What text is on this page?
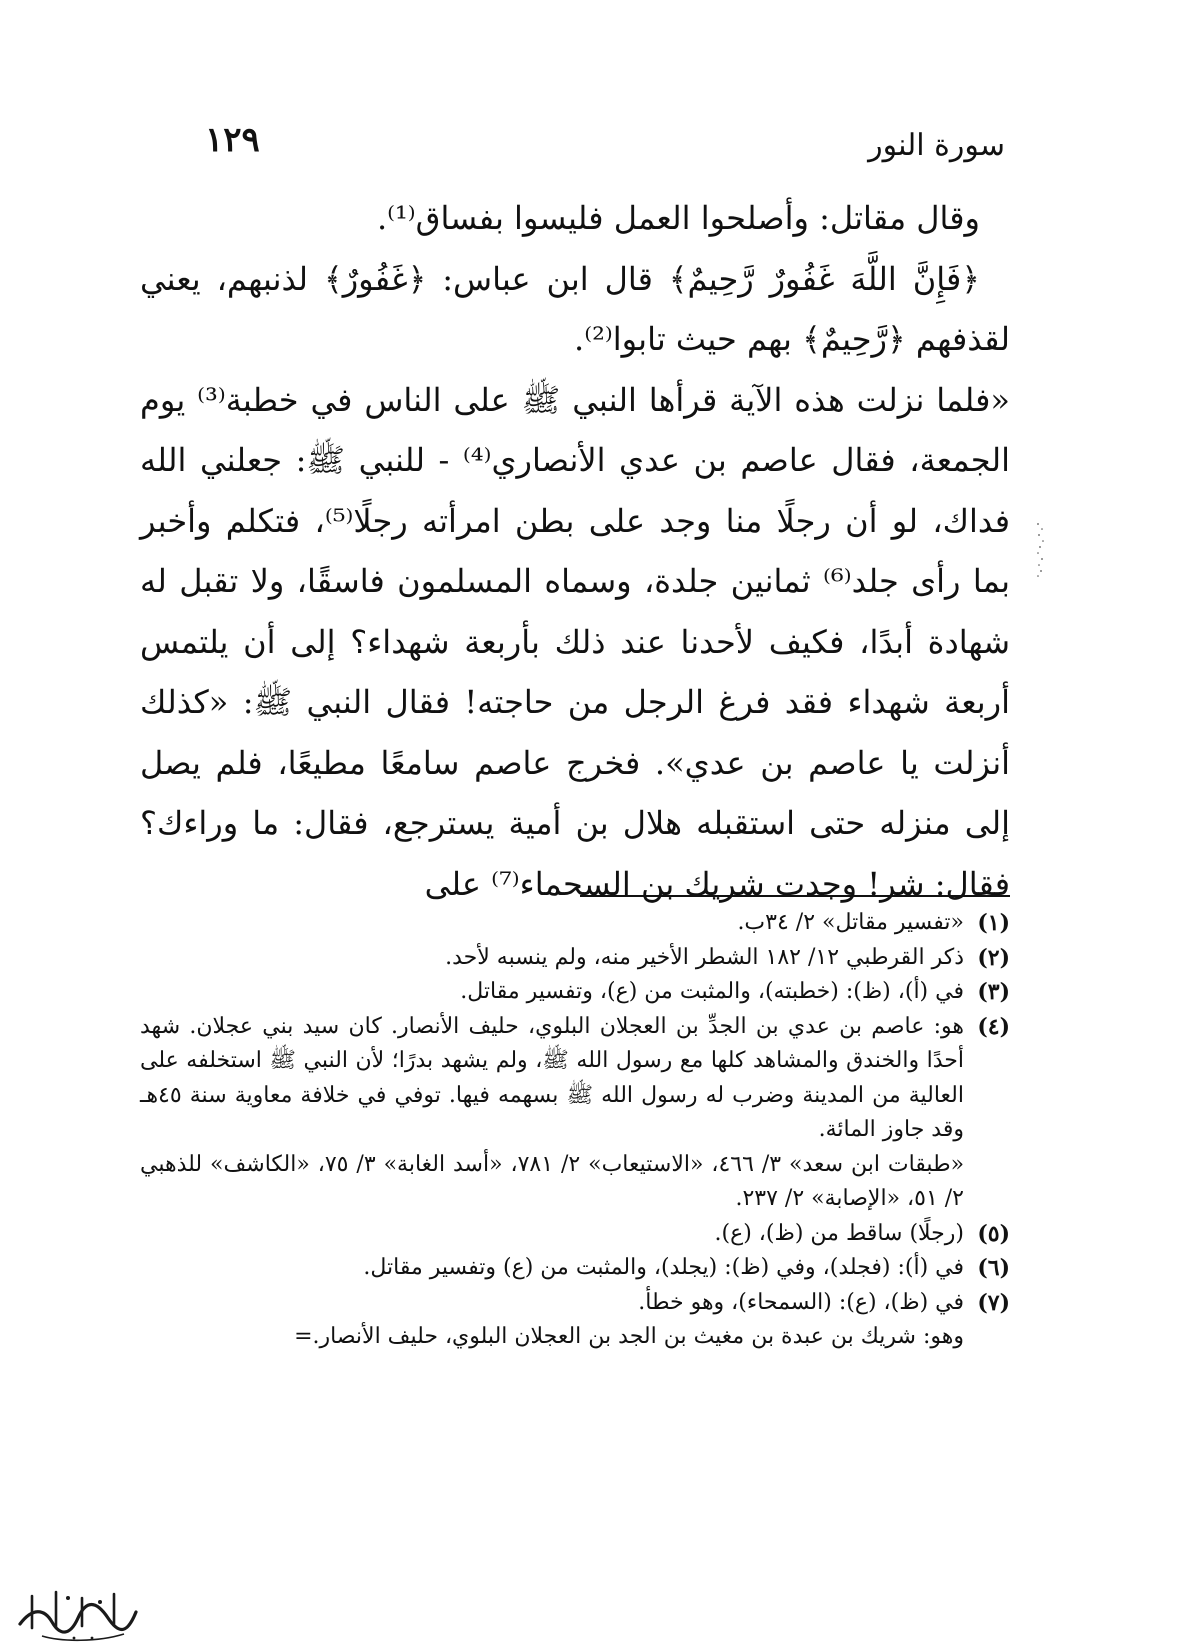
١٢٩	سورة النور

وقال مقاتل: وأصلحوا العمل فليسوا بفساق⁽¹⁾.

﴿فَإِنَّ اللَّهَ غَفُورٌ رَّحِيمٌ﴾ قال ابن عباس: ﴿غَفُورٌ﴾ لذنبهم، يعني لقذفهم ﴿رَّحِيمٌ﴾ بهم حيث تابوا⁽²⁾.

«فلما نزلت هذه الآية قرأها النبي ﷺ على الناس في خطبة⁽³⁾ يوم الجمعة، فقال عاصم بن عدي الأنصاري⁽⁴⁾ - للنبي ﷺ: جعلني الله فداك، لو أن رجلًا منا وجد على بطن امرأته رجلًا⁽⁵⁾، فتكلم وأخبر بما رأى جلد⁽⁶⁾ ثمانين جلدة، وسماه المسلمون فاسقًا، ولا تقبل له شهادة أبدًا، فكيف لأحدنا عند ذلك بأربعة شهداء؟ إلى أن يلتمس أربعة شهداء فقد فرغ الرجل من حاجته! فقال النبي ﷺ: «كذلك أنزلت يا عاصم بن عدي». فخرج عاصم سامعًا مطيعًا، فلم يصل إلى منزله حتى استقبله هلال بن أمية يسترجع، فقال: ما وراءك؟ فقال: شر! وجدت شريك بن السحماء⁽⁷⁾ على

(١)
«تفسير مقاتل» ٢/ ٣٤ب.
(٢)
ذكر القرطبي ١٢/ ١٨٢ الشطر الأخير منه، ولم ينسبه لأحد.
(٣)
في (أ)، (ظ): (خطبته)، والمثبت من (ع)، وتفسير مقاتل.
(٤)
هو: عاصم بن عدي بن الجدِّ بن العجلان البلوي، حليف الأنصار. كان سيد بني عجلان. شهد أحدًا والخندق والمشاهد كلها مع رسول الله ﷺ، ولم يشهد بدرًا؛ لأن النبي ﷺ استخلفه على العالية من المدينة وضرب له رسول الله ﷺ بسهمه فيها. توفي في خلافة معاوية سنة ٤٥هـ وقد جاوز المائة.
«طبقات ابن سعد» ٣/ ٤٦٦، «الاستيعاب» ٢/ ٧٨١، «أسد الغابة» ٣/ ٧٥، «الكاشف» للذهبي ٢/ ٥١، «الإصابة» ٢/ ٢٣٧.
(٥)
(رجلًا) ساقط من (ظ)، (ع).
(٦)
في (أ): (فجلد)، وفي (ظ): (يجلد)، والمثبت من (ع) وتفسير مقاتل.
(٧)
في (ظ)، (ع): (السمحاء)، وهو خطأ.
وهو: شريك بن عبدة بن مغيث بن الجد بن العجلان البلوي، حليف الأنصار.=
